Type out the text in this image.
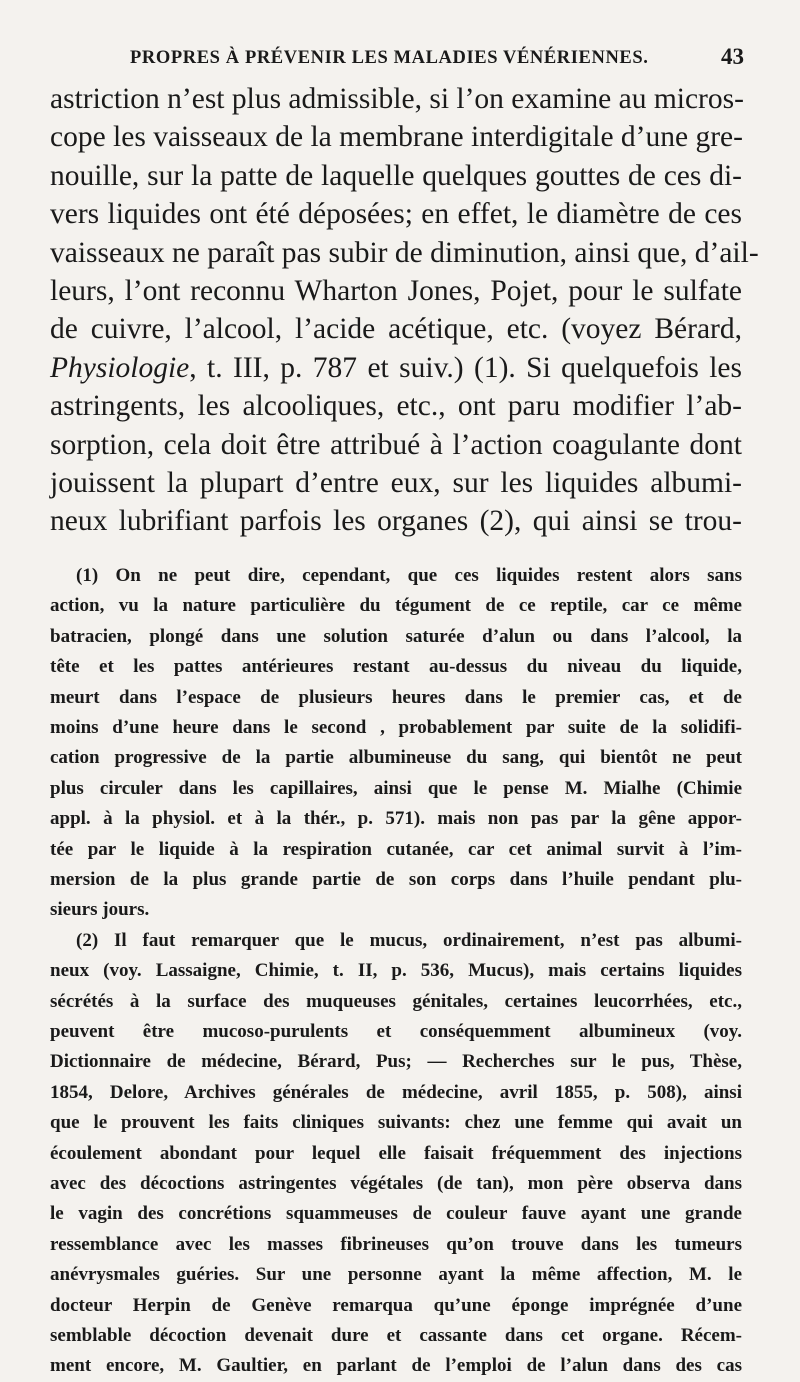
PROPRES À PRÉVENIR LES MALADIES VÉNÉRIENNES.	43
astriction n’est plus admissible, si l’on examine au micros-
cope les vaisseaux de la membrane interdigitale d’une gre-
nouille, sur la patte de laquelle quelques gouttes de ces di-
vers liquides ont été déposées; en effet, le diamètre de ces
vaisseaux ne paraît pas subir de diminution, ainsi que, d’ail-
leurs, l’ont reconnu Wharton Jones, Pojet, pour le sulfate
de cuivre, l’alcool, l’acide acétique, etc. (voyez Bérard,
Physiologie, t. III, p. 787 et suiv.) (1). Si quelquefois les
astringents, les alcooliques, etc., ont paru modifier l’ab-
sorption, cela doit être attribué à l’action coagulante dont
jouissent la plupart d’entre eux, sur les liquides albumi-
neux lubrifiant parfois les organes (2), qui ainsi se trou-
(1) On ne peut dire, cependant, que ces liquides restent alors sans
action, vu la nature particulière du tégument de ce reptile, car ce même
batracien, plongé dans une solution saturée d’alun ou dans l’alcool, la
tête et les pattes antérieures restant au-dessus du niveau du liquide,
meurt dans l’espace de plusieurs heures dans le premier cas, et de
moins d’une heure dans le second , probablement par suite de la solidifi-
cation progressive de la partie albumineuse du sang, qui bientôt ne peut
plus circuler dans les capillaires, ainsi que le pense M. Mialhe (Chimie
appl. à la physiol. et à la thér., p. 571). mais non pas par la gêne appor-
tée par le liquide à la respiration cutanée, car cet animal survit à l’im-
mersion de la plus grande partie de son corps dans l’huile pendant plu-
sieurs jours.
(2) Il faut remarquer que le mucus, ordinairement, n’est pas albumi-
neux (voy. Lassaigne, Chimie, t. II, p. 536, Mucus), mais certains liquides
sécrétés à la surface des muqueuses génitales, certaines leucorrhées, etc.,
peuvent être mucoso-purulents et conséquemment albumineux (voy.
Dictionnaire de médecine, Bérard, Pus; — Recherches sur le pus, Thèse,
1854, Delore, Archives générales de médecine, avril 1855, p. 508), ainsi
que le prouvent les faits cliniques suivants: chez une femme qui avait un
écoulement abondant pour lequel elle faisait fréquemment des injections
avec des décoctions astringentes végétales (de tan), mon père observa dans
le vagin des concrétions squammeuses de couleur fauve ayant une grande
ressemblance avec les masses fibrineuses qu’on trouve dans les tumeurs
anévrysmales guéries. Sur une personne ayant la même affection, M. le
docteur Herpin de Genève remarqua qu’une éponge imprégnée d’une
semblable décoction devenait dure et cassante dans cet organe. Récem-
ment encore, M. Gaultier, en parlant de l’emploi de l’alun dans des cas
